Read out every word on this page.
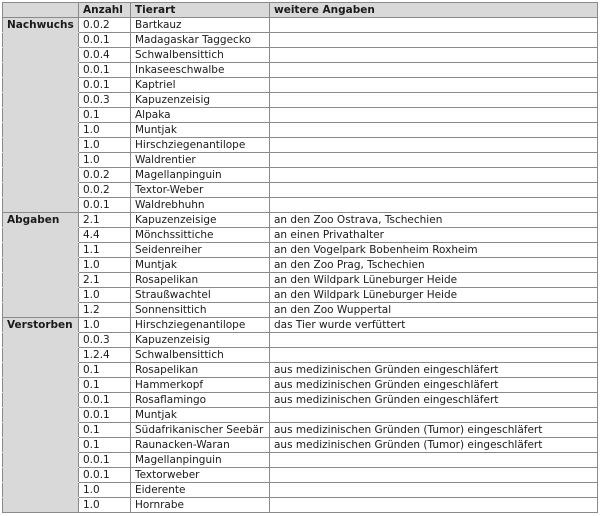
	Anzahl	Tierart	weitere Angaben
Nachwuchs	0.0.2	Bartkauz	
	0.0.1	Madagaskar Taggecko	
	0.0.4	Schwalbensittich	
	0.0.1	Inkaseeschwalbe	
	0.0.1	Kaptriel	
	0.0.3	Kapuzenzeisig	
	0.1	Alpaka	
	1.0	Muntjak	
	1.0	Hirschziegenantilope	
	1.0	Waldrentier	
	0.0.2	Magellanpinguin	
	0.0.2	Textor-Weber	
	0.0.1	Waldrebhuhn	
Abgaben	2.1	Kapuzenzeisige	an den Zoo Ostrava, Tschechien
	4.4	Mönchssittiche	an einen Privathalter
	1.1	Seidenreiher	an den Vogelpark Bobenheim Roxheim
	1.0	Muntjak	an den Zoo Prag, Tschechien
	2.1	Rosapelikan	an den Wildpark Lüneburger Heide
	1.0	Straußwachtel	an den Wildpark Lüneburger Heide
	1.2	Sonnensittich	an den Zoo Wuppertal
Verstorben	1.0	Hirschziegenantilope	das Tier wurde verfüttert
	0.0.3	Kapuzenzeisig	
	1.2.4	Schwalbensittich	
	0.1	Rosapelikan	aus medizinischen Gründen eingeschläfert
	0.1	Hammerkopf	aus medizinischen Gründen eingeschläfert
	0.0.1	Rosaflamingo	aus medizinischen Gründen eingeschläfert
	0.0.1	Muntjak	
	0.1	Südafrikanischer Seebär	aus medizinischen Gründen (Tumor) eingeschläfert
	0.1	Raunacken-Waran	aus medizinischen Gründen (Tumor) eingeschläfert
	0.0.1	Magellanpinguin	
	0.0.1	Textorweber	
	1.0	Eiderente	
	1.0	Hornrabe	
